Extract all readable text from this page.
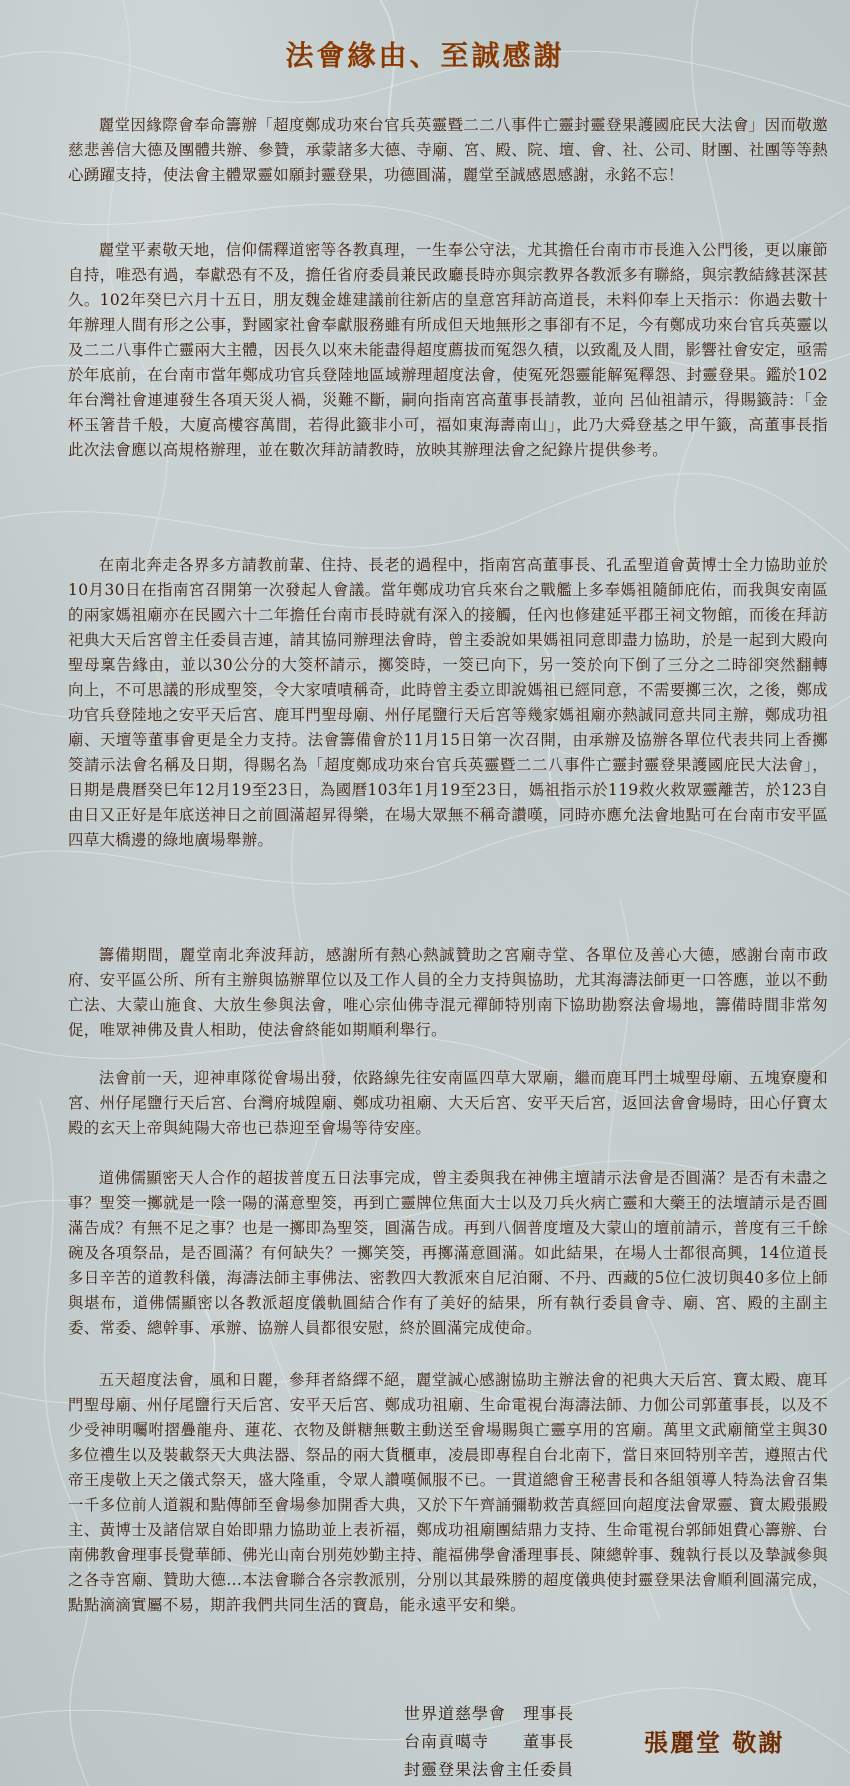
法會緣由、至誠感謝

麗堂因緣際會奉命籌辦「超度鄭成功來台官兵英靈暨二二八事件亡靈封靈登果護國庇民大法會」因而敬邀慈悲善信大德及團體共辦、參贊，承蒙諸多大德、寺廟、宮、殿、院、壇、會、社、公司、財團、社團等等熱心踴躍支持，使法會主體眾靈如願封靈登果，功德圓滿，麗堂至誠感恩感謝，永銘不忘！

麗堂平素敬天地，信仰儒釋道密等各教真理，一生奉公守法，尤其擔任台南市市長進入公門後，更以廉節自持，唯恐有過，奉獻恐有不及，擔任省府委員兼民政廳長時亦與宗教界各教派多有聯絡，與宗教結緣甚深甚久。102年癸巳六月十五日，朋友魏金雄建議前往新店的皇意宮拜訪高道長，未料仰奉上天指示：你過去數十年辦理人間有形之公事，對國家社會奉獻服務雖有所成但天地無形之事卻有不足，今有鄭成功來台官兵英靈以及二二八事件亡靈兩大主體，因長久以來未能盡得超度薦拔而冤怨久積，以致亂及人間，影響社會安定，亟需於年底前，在台南市當年鄭成功官兵登陸地區域辦理超度法會，使冤死怨靈能解冤釋怨、封靈登果。鑑於102年台灣社會連連發生各項天災人禍，災難不斷，嗣向指南宮高董事長請教，並向 呂仙祖請示，得賜籤詩：「金杯玉箸昔千般，大廈高樓容萬間，若得此籤非小可，福如東海壽南山」，此乃大舜登基之甲午籤，高董事長指此次法會應以高規格辦理，並在數次拜訪請教時，放映其辦理法會之紀錄片提供參考。

在南北奔走各界多方請教前輩、住持、長老的過程中，指南宮高董事長、孔孟聖道會黃博士全力協助並於10月30日在指南宮召開第一次發起人會議。當年鄭成功官兵來台之戰艦上多奉媽祖隨師庇佑，而我與安南區的兩家媽祖廟亦在民國六十二年擔任台南市長時就有深入的接觸，任內也修建延平郡王祠文物館，而後在拜訪祀典大天后宮曾主任委員吉連，請其協同辦理法會時，曾主委說如果媽祖同意即盡力協助，於是一起到大殿向聖母稟告緣由，並以30公分的大筊杯請示，擲筊時，一筊已向下，另一筊於向下倒了三分之二時卻突然翻轉向上，不可思議的形成聖筊，令大家嘖嘖稱奇，此時曾主委立即說媽祖已經同意，不需要擲三次，之後，鄭成功官兵登陸地之安平天后宮、鹿耳門聖母廟、州仔尾鹽行天后宮等幾家媽祖廟亦熱誠同意共同主辦，鄭成功祖廟、天壇等董事會更是全力支持。法會籌備會於11月15日第一次召開，由承辦及協辦各單位代表共同上香擲筊請示法會名稱及日期，得賜名為「超度鄭成功來台官兵英靈暨二二八事件亡靈封靈登果護國庇民大法會」，日期是農曆癸巳年12月19至23日，為國曆103年1月19至23日，媽祖指示於119救火救眾靈離苦，於123自由日又正好是年底送神日之前圓滿超昇得樂，在場大眾無不稱奇讚嘆，同時亦應允法會地點可在台南市安平區四草大橋邊的綠地廣場舉辦。

籌備期間，麗堂南北奔波拜訪，感謝所有熱心熱誠贊助之宮廟寺堂、各單位及善心大德，感謝台南市政府、安平區公所、所有主辦與協辦單位以及工作人員的全力支持與協助，尤其海濤法師更一口答應，並以不動亡法、大蒙山施食、大放生參與法會，唯心宗仙佛寺混元禪師特別南下協助勘察法會場地，籌備時間非常匆促，唯眾神佛及貴人相助，使法會終能如期順利舉行。

法會前一天，迎神車隊從會場出發，依路線先往安南區四草大眾廟，繼而鹿耳門土城聖母廟、五塊寮慶和宮、州仔尾鹽行天后宮、台灣府城隍廟、鄭成功祖廟、大天后宮、安平天后宮，返回法會會場時，田心仔寶太殿的玄天上帝與純陽大帝也已恭迎至會場等待安座。

道佛儒顯密天人合作的超拔普度五日法事完成，曾主委與我在神佛主壇請示法會是否圓滿？是否有未盡之事？聖筊一擲就是一陰一陽的滿意聖筊，再到亡靈牌位焦面大士以及刀兵火病亡靈和大藥王的法壇請示是否圓滿告成？有無不足之事？也是一擲即為聖筊，圓滿告成。再到八個普度壇及大蒙山的壇前請示，普度有三千餘碗及各項祭品，是否圓滿？有何缺失？一擲笑筊，再擲滿意圓滿。如此結果，在場人士都很高興，14位道長多日辛苦的道教科儀，海濤法師主事佛法、密教四大教派來自尼泊爾、不丹、西藏的5位仁波切與40多位上師與堪布，道佛儒顯密以各教派超度儀軌圓結合作有了美好的結果，所有執行委員會寺、廟、宮、殿的主副主委、常委、總幹事、承辦、協辦人員都很安慰，終於圓滿完成使命。

五天超度法會，風和日麗，參拜者絡繹不絕，麗堂誠心感謝協助主辦法會的祀典大天后宮、寶太殿、鹿耳門聖母廟、州仔尾鹽行天后宮、安平天后宮、鄭成功祖廟、生命電視台海濤法師、力伽公司郭董事長，以及不少受神明囑咐摺疊龍舟、蓮花、衣物及餅糖無數主動送至會場賜與亡靈享用的宮廟。萬里文武廟簡堂主與30多位禮生以及裝載祭天大典法器、祭品的兩大貨櫃車，凌晨即專程自台北南下，當日來回特別辛苦，遵照古代帝王虔敬上天之儀式祭天，盛大隆重，令眾人讚嘆佩服不已。一貫道總會王秘書長和各組領導人特為法會召集一千多位前人道親和點傳師至會場參加開香大典，又於下午齊誦彌勒救苦真經回向超度法會眾靈、寶太殿張殿主、黃博士及諸信眾自始即鼎力協助並上表祈福，鄭成功祖廟團結鼎力支持、生命電視台郭師姐費心籌辦、台南佛教會理事長覺華師、佛光山南台別苑妙勤主持、龍福佛學會潘理事長、陳總幹事、魏執行長以及摯誠參與之各寺宮廟、贊助大德...本法會聯合各宗教派別，分別以其最殊勝的超度儀典使封靈登果法會順利圓滿完成，點點滴滴實屬不易，期許我們共同生活的寶島，能永遠平安和樂。

世界道慈學會　理事長
台南貢噶寺　　董事長
封靈登果法會主任委員
張麗堂 敬謝
